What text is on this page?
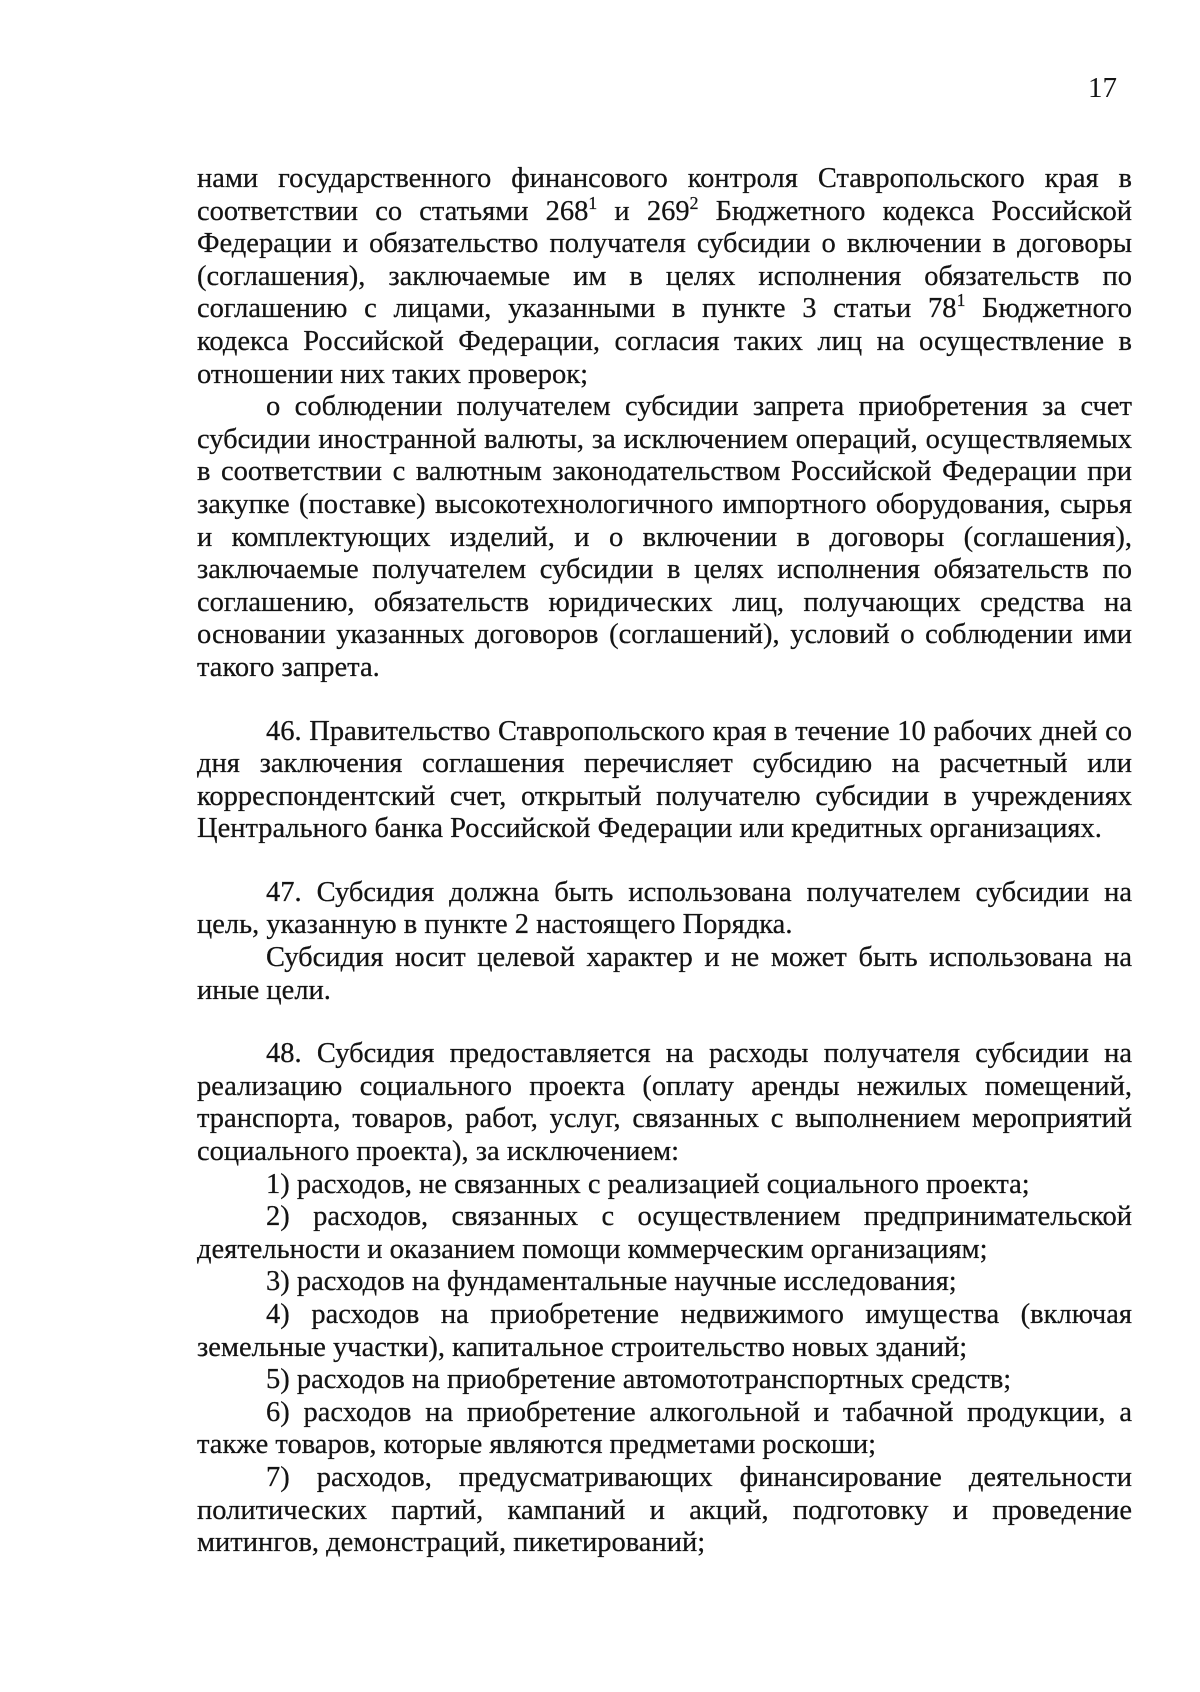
17

нами государственного финансового контроля Ставропольского края в соответствии со статьями $268^1$ и $269^2$ Бюджетного кодекса Российской Федерации и обязательство получателя субсидии о включении в договоры (соглашения), заключаемые им в целях исполнения обязательств по соглашению с лицами, указанными в пункте 3 статьи $78^1$ Бюджетного кодекса Российской Федерации, согласия таких лиц на осуществление в отношении них таких проверок;

о соблюдении получателем субсидии запрета приобретения за счет субсидии иностранной валюты, за исключением операций, осуществляемых в соответствии с валютным законодательством Российской Федерации при закупке (поставке) высокотехнологичного импортного оборудования, сырья и комплектующих изделий, и о включении в договоры (соглашения), заключаемые получателем субсидии в целях исполнения обязательств по соглашению, обязательств юридических лиц, получающих средства на основании указанных договоров (соглашений), условий о соблюдении ими такого запрета.

46. Правительство Ставропольского края в течение 10 рабочих дней со дня заключения соглашения перечисляет субсидию на расчетный или корреспондентский счет, открытый получателю субсидии в учреждениях Центрального банка Российской Федерации или кредитных организациях.

47. Субсидия должна быть использована получателем субсидии на цель, указанную в пункте 2 настоящего Порядка.

Субсидия носит целевой характер и не может быть использована на иные цели.

48. Субсидия предоставляется на расходы получателя субсидии на реализацию социального проекта (оплату аренды нежилых помещений, транспорта, товаров, работ, услуг, связанных с выполнением мероприятий социального проекта), за исключением:

1) расходов, не связанных с реализацией социального проекта;

2) расходов, связанных с осуществлением предпринимательской деятельности и оказанием помощи коммерческим организациям;

3) расходов на фундаментальные научные исследования;

4) расходов на приобретение недвижимого имущества (включая земельные участки), капитальное строительство новых зданий;

5) расходов на приобретение автомототранспортных средств;

6) расходов на приобретение алкогольной и табачной продукции, а также товаров, которые являются предметами роскоши;

7) расходов, предусматривающих финансирование деятельности политических партий, кампаний и акций, подготовку и проведение митингов, демонстраций, пикетирований;
